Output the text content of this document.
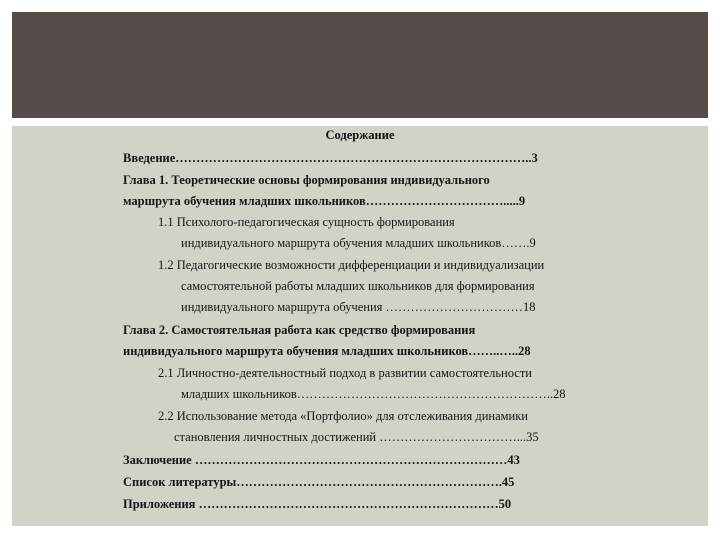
Содержание
Введение…………………………………………………………………………..3
Глава 1. Теоретические основы формирования индивидуального
маршрута обучения младших школьников…………………………….....9
1.1 Психолого-педагогическая сущность формирования
индивидуального маршрута обучения младших школьников…….9
1.2 Педагогические возможности дифференциации и индивидуализации
самостоятельной работы младших школьников для формирования
индивидуального маршрута обучения ……………………………18
Глава 2. Самостоятельная работа как средство формирования
индивидуального маршрута обучения младших школьников……..…..28
2.1 Личностно-деятельностный подход в развитии самостоятельности
младших школьников……………………………………………………..28
2.2 Использование метода «Портфолио» для отслеживания динамики
становления личностных достижений ……………………………...35
Заключение …………………………………………………………………43
Список литературы……………………………………………………….45
Приложения ………………………………………………………………50
